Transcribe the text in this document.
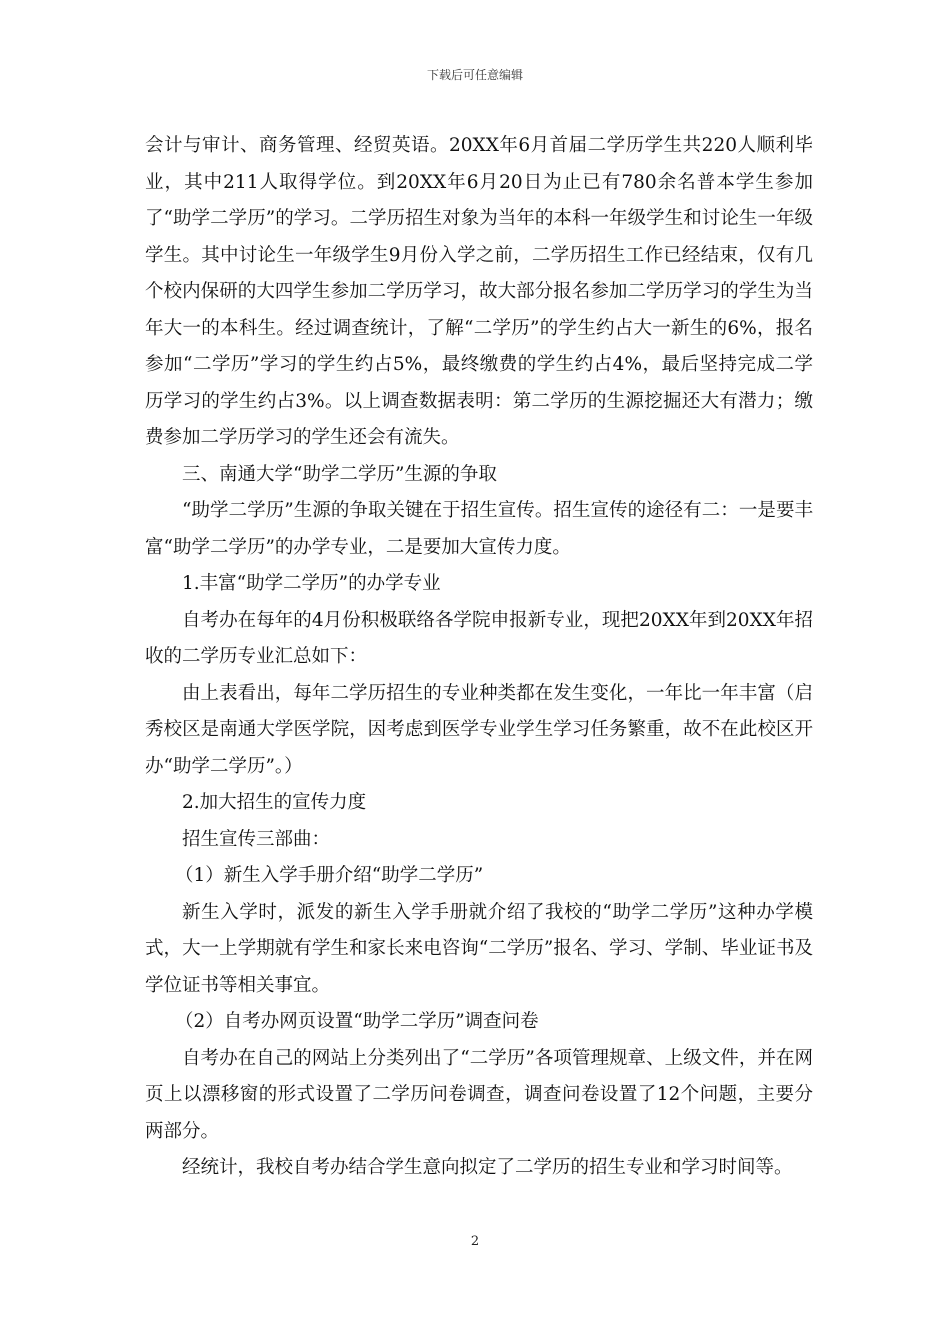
下载后可任意编辑

会计与审计、商务管理、经贸英语。20XX年6月首届二学历学生共220人顺利毕业，其中211人取得学位。到20XX年6月20日为止已有780余名普本学生参加了“助学二学历”的学习。二学历招生对象为当年的本科一年级学生和讨论生一年级学生。其中讨论生一年级学生9月份入学之前，二学历招生工作已经结束，仅有几个校内保研的大四学生参加二学历学习，故大部分报名参加二学历学习的学生为当年大一的本科生。经过调查统计，了解“二学历”的学生约占大一新生的6%，报名参加“二学历”学习的学生约占5%，最终缴费的学生约占4%，最后坚持完成二学历学习的学生约占3%。以上调查数据表明：第二学历的生源挖掘还大有潜力；缴费参加二学历学习的学生还会有流失。

三、南通大学“助学二学历”生源的争取

“助学二学历”生源的争取关键在于招生宣传。招生宣传的途径有二：一是要丰富“助学二学历”的办学专业，二是要加大宣传力度。

1.丰富“助学二学历”的办学专业

自考办在每年的4月份积极联络各学院申报新专业，现把20XX年到20XX年招收的二学历专业汇总如下：

由上表看出，每年二学历招生的专业种类都在发生变化，一年比一年丰富（启秀校区是南通大学医学院，因考虑到医学专业学生学习任务繁重，故不在此校区开办“助学二学历”。）

2.加大招生的宣传力度

招生宣传三部曲：

（1）新生入学手册介绍“助学二学历”

新生入学时，派发的新生入学手册就介绍了我校的“助学二学历”这种办学模式，大一上学期就有学生和家长来电咨询“二学历”报名、学习、学制、毕业证书及学位证书等相关事宜。

（2）自考办网页设置“助学二学历”调查问卷

自考办在自己的网站上分类列出了“二学历”各项管理规章、上级文件，并在网页上以漂移窗的形式设置了二学历问卷调查，调查问卷设置了12个问题，主要分两部分。

经统计，我校自考办结合学生意向拟定了二学历的招生专业和学习时间等。

2
